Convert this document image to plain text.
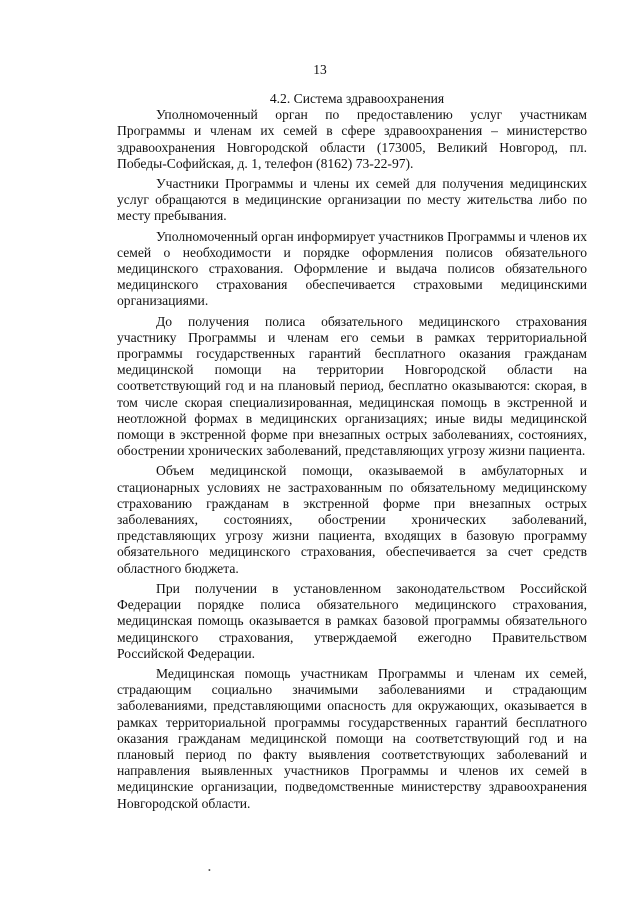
13
4.2. Система здравоохранения

Уполномоченный орган по предоставлению услуг участникам Программы и членам их семей в сфере здравоохранения – министерство здравоохранения Новгородской области (173005, Великий Новгород, пл. Победы-Софийская, д. 1, телефон (8162) 73-22-97).

Участники Программы и члены их семей для получения медицинских услуг обращаются в медицинские организации по месту жительства либо по месту пребывания.

Уполномоченный орган информирует участников Программы и членов их семей о необходимости и порядке оформления полисов обязательного медицинского страхования. Оформление и выдача полисов обязательного медицинского страхования обеспечивается страховыми медицинскими организациями.

До получения полиса обязательного медицинского страхования участнику Программы и членам его семьи в рамках территориальной программы государственных гарантий бесплатного оказания гражданам медицинской помощи на территории Новгородской области на соответствующий год и на плановый период, бесплатно оказываются: скорая, в том числе скорая специализированная, медицинская помощь в экстренной и неотложной формах в медицинских организациях; иные виды медицинской помощи в экстренной форме при внезапных острых заболеваниях, состояниях, обострении хронических заболеваний, представляющих угрозу жизни пациента.

Объем медицинской помощи, оказываемой в амбулаторных и стационарных условиях не застрахованным по обязательному медицинскому страхованию гражданам в экстренной форме при внезапных острых заболеваниях, состояниях, обострении хронических заболеваний, представляющих угрозу жизни пациента, входящих в базовую программу обязательного медицинского страхования, обеспечивается за счет средств областного бюджета.

При получении в установленном законодательством Российской Федерации порядке полиса обязательного медицинского страхования, медицинская помощь оказывается в рамках базовой программы обязательного медицинского страхования, утверждаемой ежегодно Правительством Российской Федерации.

Медицинская помощь участникам Программы и членам их семей, страдающим социально значимыми заболеваниями и страдающим заболеваниями, представляющими опасность для окружающих, оказывается в рамках территориальной программы государственных гарантий бесплатного оказания гражданам медицинской помощи на соответствующий год и на плановый период по факту выявления соответствующих заболеваний и направления выявленных участников Программы и членов их семей в медицинские организации, подведомственные министерству здравоохранения Новгородской области.

•
